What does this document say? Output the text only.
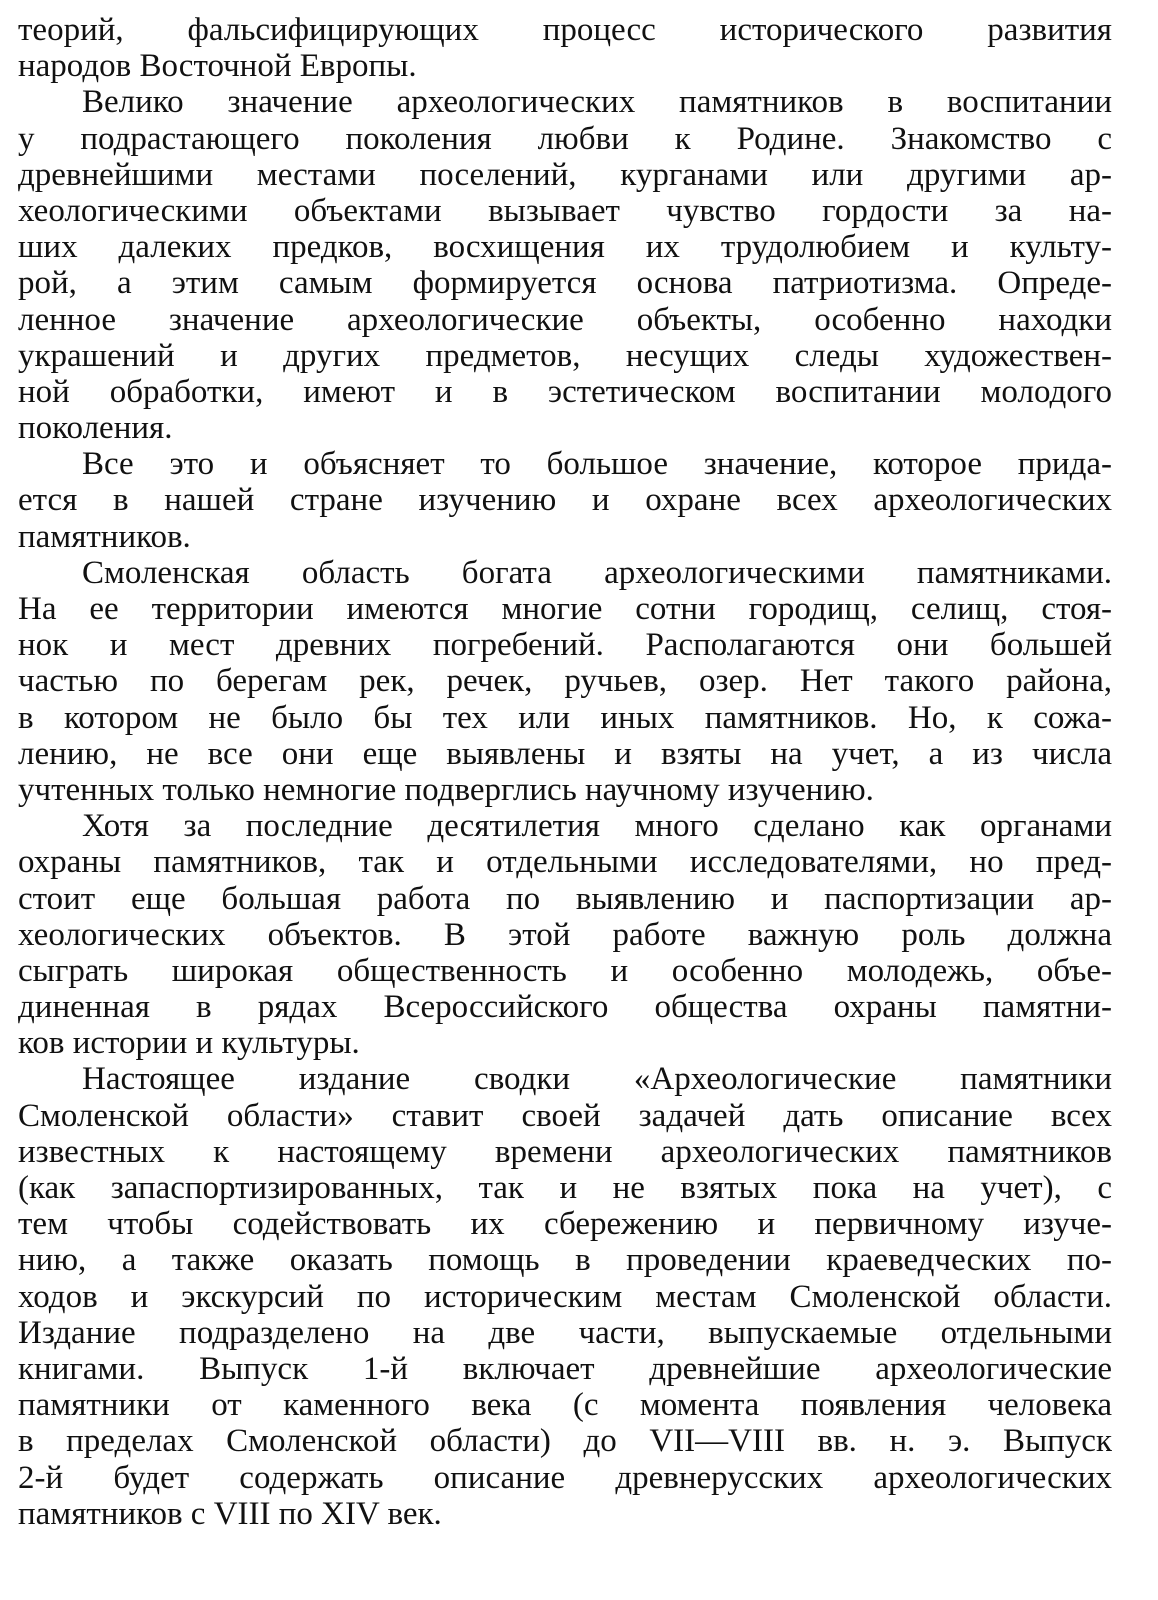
теорий, фальсифицирующих процесс исторического развития
народов Восточной Европы.
Велико значение археологических памятников в воспитании
у подрастающего поколения любви к Родине. Знакомство с
древнейшими местами поселений, курганами или другими ар-
хеологическими объектами вызывает чувство гордости за на-
ших далеких предков, восхищения их трудолюбием и культу-
рой, а этим самым формируется основа патриотизма. Опреде-
ленное значение археологические объекты, особенно находки
украшений и других предметов, несущих следы художествен-
ной обработки, имеют и в эстетическом воспитании молодого
поколения.
Все это и объясняет то большое значение, которое прида-
ется в нашей стране изучению и охране всех археологических
памятников.
Смоленская область богата археологическими памятниками.
На ее территории имеются многие сотни городищ, селищ, стоя-
нок и мест древних погребений. Располагаются они большей
частью по берегам рек, речек, ручьев, озер. Нет такого района,
в котором не было бы тех или иных памятников. Но, к сожа-
лению, не все они еще выявлены и взяты на учет, а из числа
учтенных только немногие подверглись научному изучению.
Хотя за последние десятилетия много сделано как органами
охраны памятников, так и отдельными исследователями, но пред-
стоит еще большая работа по выявлению и паспортизации ар-
хеологических объектов. В этой работе важную роль должна
сыграть широкая общественность и особенно молодежь, объе-
диненная в рядах Всероссийского общества охраны памятни-
ков истории и культуры.
Настоящее издание сводки «Археологические памятники
Смоленской области» ставит своей задачей дать описание всех
известных к настоящему времени археологических памятников
(как запаспортизированных, так и не взятых пока на учет), с
тем чтобы содействовать их сбережению и первичному изуче-
нию, а также оказать помощь в проведении краеведческих по-
ходов и экскурсий по историческим местам Смоленской области.
Издание подразделено на две части, выпускаемые отдельными
книгами. Выпуск 1-й включает древнейшие археологические
памятники от каменного века (с момента появления человека
в пределах Смоленской области) до VII—VIII вв. н. э. Выпуск
2-й будет содержать описание древнерусских археологических
памятников с VIII по XIV век.
